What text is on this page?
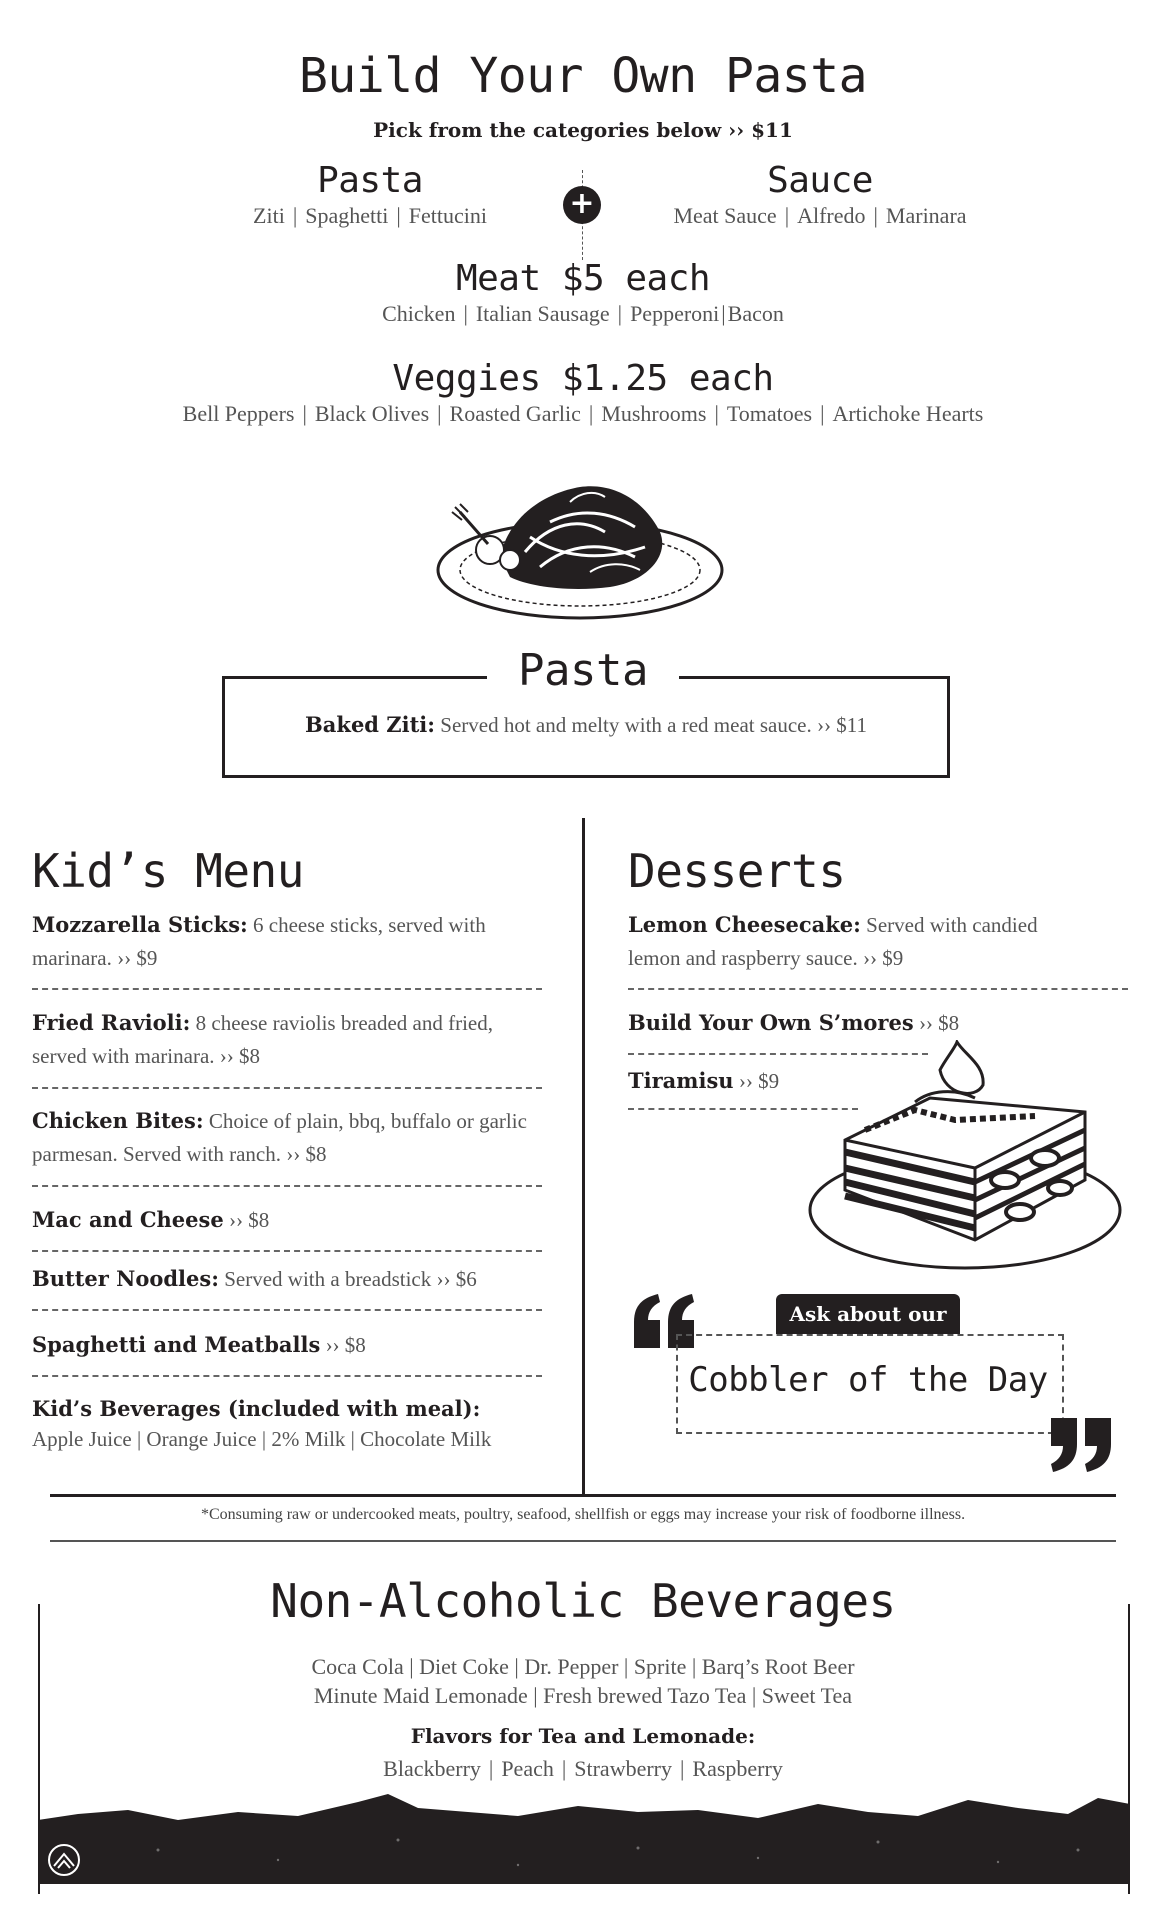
Build Your Own Pasta
Pick from the categories below ›› $11
Pasta
Ziti | Spaghetti | Fettucini	+
Sauce
Meat Sauce | Alfredo | Marinara
Meat $5 each
Chicken | Italian Sausage | Pepperoni|Bacon
Veggies $1.25 each
Bell Peppers | Black Olives | Roasted Garlic | Mushrooms | Tomatoes | Artichoke Hearts
Pasta
Baked Ziti: Served hot and melty with a red meat sauce. ›› $11
Kid’s Menu
Mozzarella Sticks: 6 cheese sticks, served with
marinara. ›› $9
Fried Ravioli: 8 cheese raviolis breaded and fried,
served with marinara. ›› $8
Chicken Bites: Choice of plain, bbq, buffalo or garlic
parmesan. Served with ranch. ›› $8
Mac and Cheese ›› $8
Butter Noodles: Served with a breadstick ›› $6
Spaghetti and Meatballs ›› $8
Kid’s Beverages (included with meal):
Apple Juice | Orange Juice | 2% Milk | Chocolate Milk
Desserts
Lemon Cheesecake: Served with candied
lemon and raspberry sauce. ›› $9
Build Your Own S’mores ›› $8
Tiramisu ›› $9
Ask about our
Cobbler of the Day
*Consuming raw or undercooked meats, poultry, seafood, shellfish or eggs may increase your risk of foodborne illness.
Non-Alcoholic Beverages
Coca Cola | Diet Coke | Dr. Pepper | Sprite | Barq’s Root Beer
Minute Maid Lemonade | Fresh brewed Tazo Tea | Sweet Tea
Flavors for Tea and Lemonade:
Blackberry | Peach | Strawberry | Raspberry
